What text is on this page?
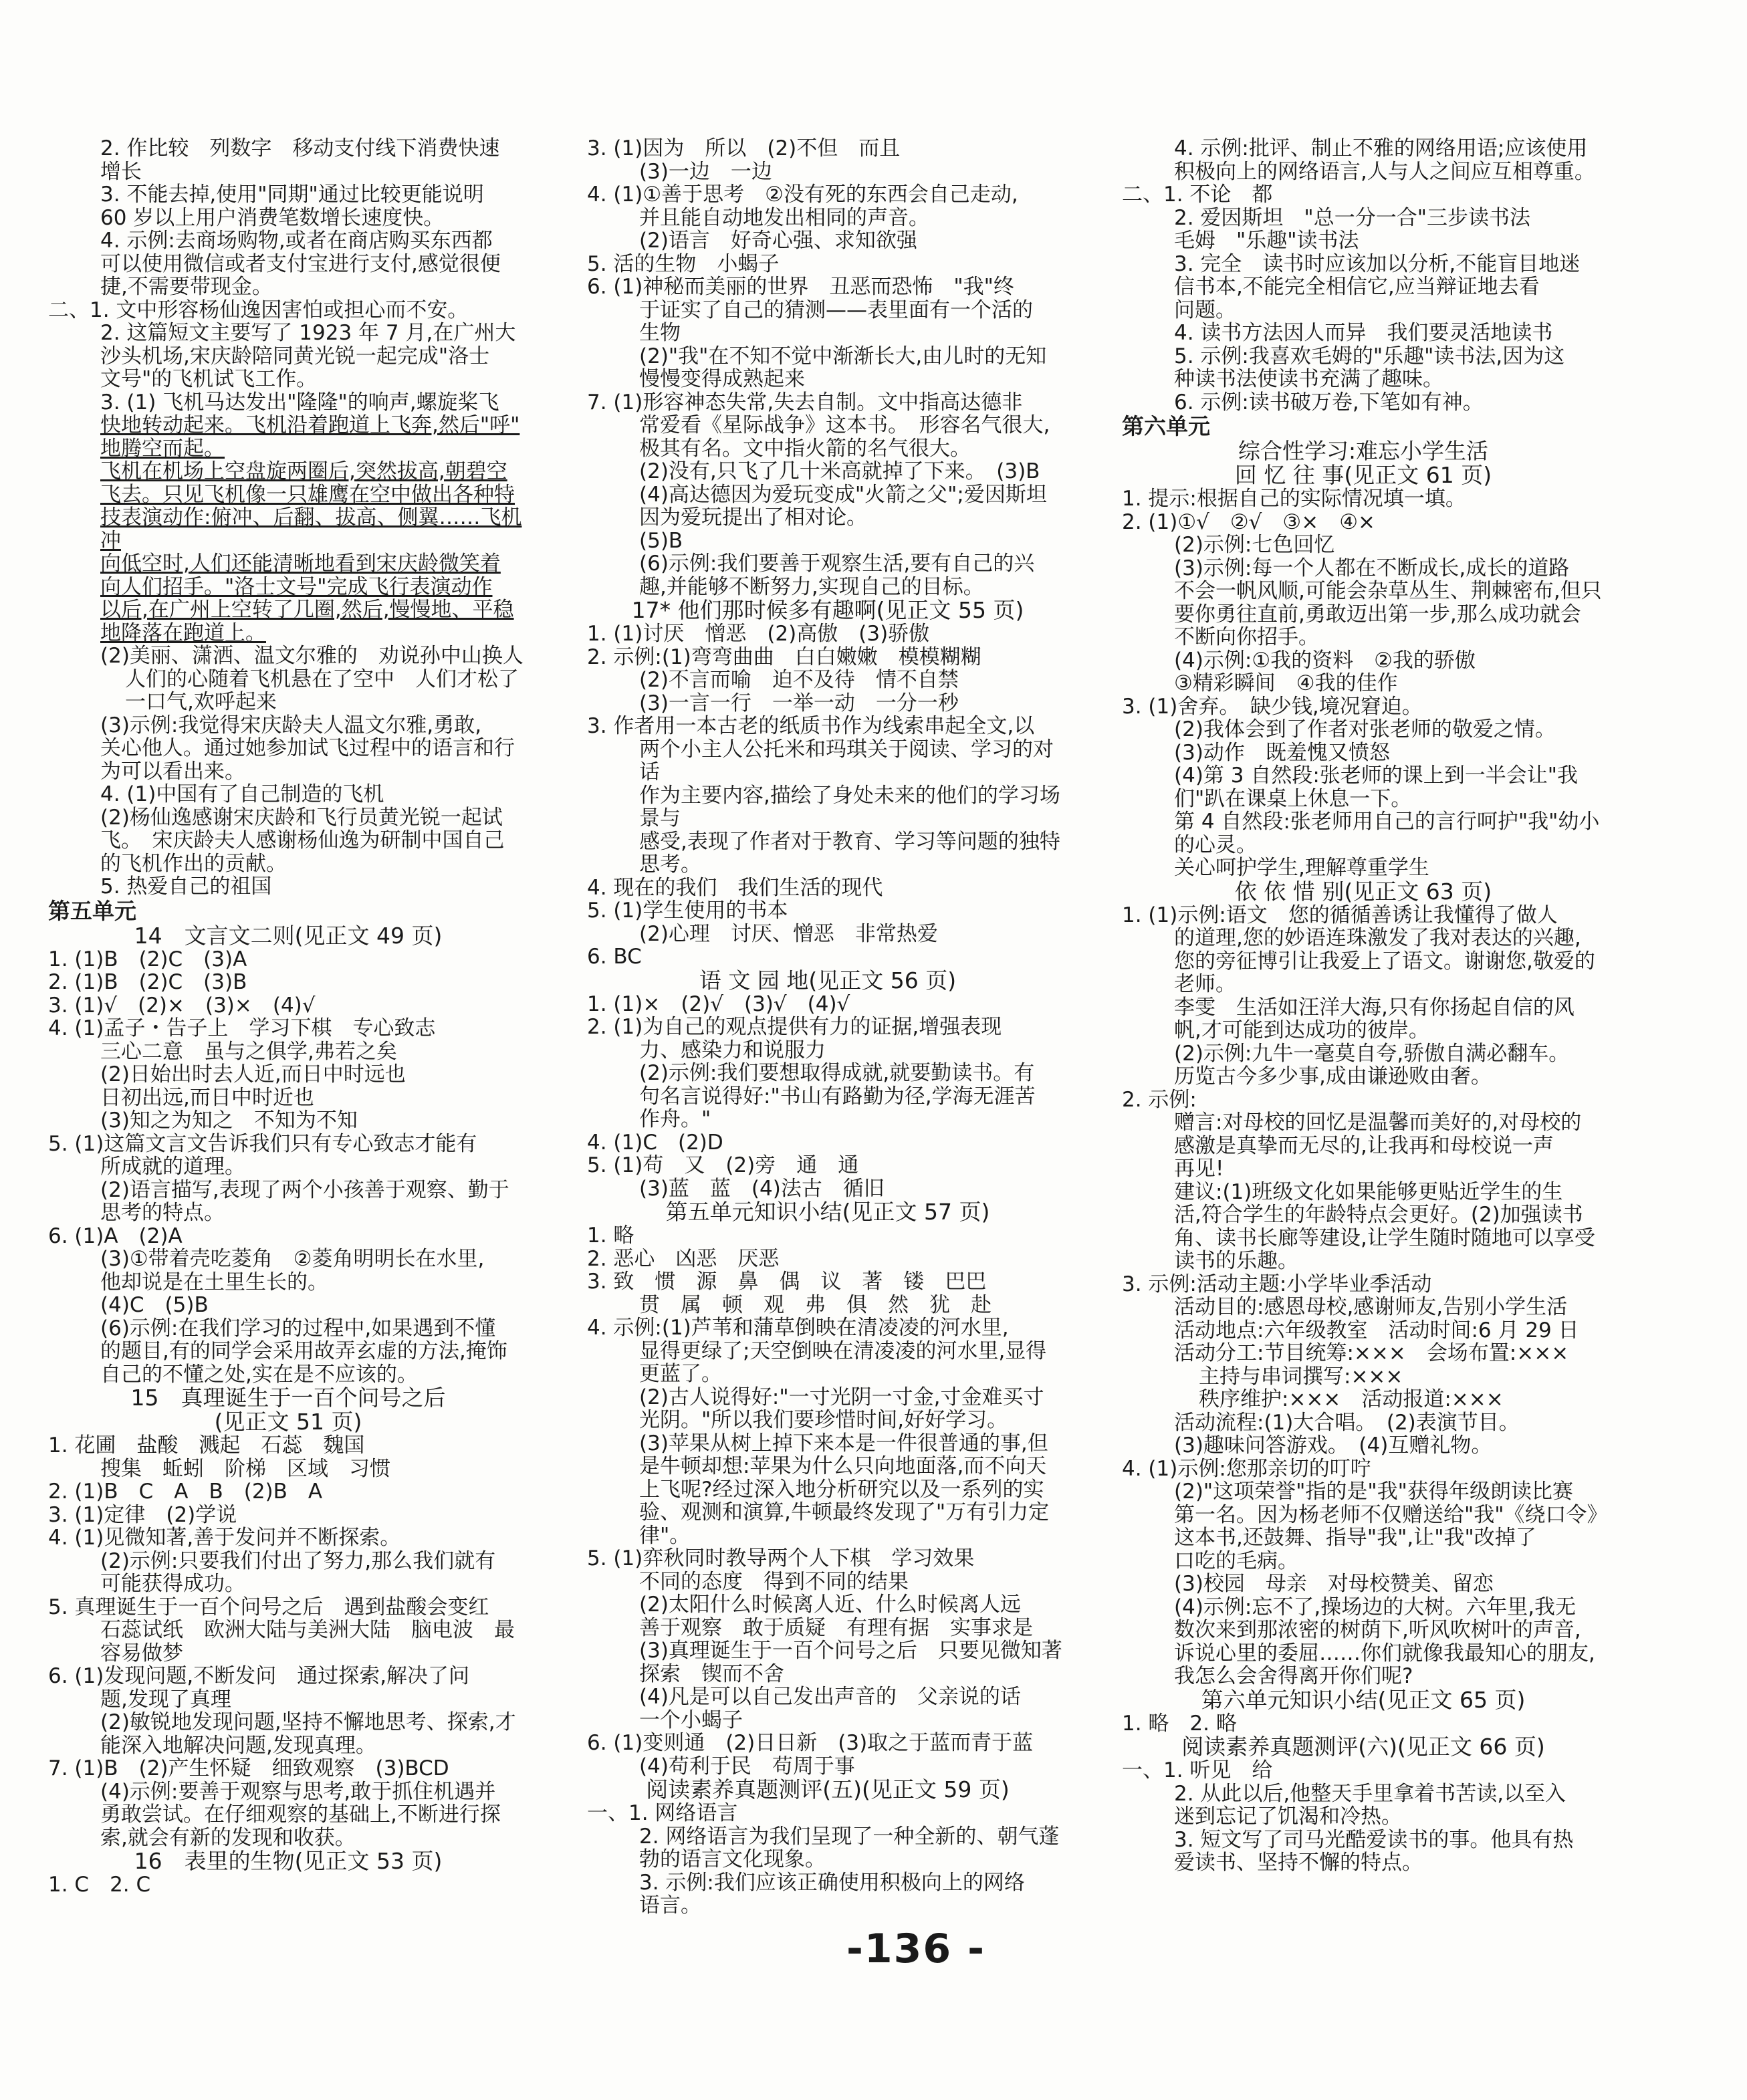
2. 作比较　列数字　移动支付线下消费快速
增长
3. 不能去掉,使用"同期"通过比较更能说明
60 岁以上用户消费笔数增长速度快。
4. 示例:去商场购物,或者在商店购买东西都
可以使用微信或者支付宝进行支付,感觉很便
捷,不需要带现金。
二、1. 文中形容杨仙逸因害怕或担心而不安。
2. 这篇短文主要写了 1923 年 7 月,在广州大
沙头机场,宋庆龄陪同黄光锐一起完成"洛士
文号"的飞机试飞工作。
3. (1) 飞机马达发出"隆隆"的响声,螺旋桨飞
快地转动起来。飞机沿着跑道上飞奔,然后"呼"
地腾空而起。
飞机在机场上空盘旋两圈后,突然拔高,朝碧空
飞去。只见飞机像一只雄鹰在空中做出各种特
技表演动作:俯冲、后翻、拔高、侧翼……飞机冲
向低空时,人们还能清晰地看到宋庆龄微笑着
向人们招手。"洛士文号"完成飞行表演动作
以后,在广州上空转了几圈,然后,慢慢地、平稳
地降落在跑道上。
(2)美丽、潇洒、温文尔雅的　劝说孙中山换人
人们的心随着飞机悬在了空中　人们才松了
一口气,欢呼起来
(3)示例:我觉得宋庆龄夫人温文尔雅,勇敢,
关心他人。通过她参加试飞过程中的语言和行
为可以看出来。
4. (1)中国有了自己制造的飞机
(2)杨仙逸感谢宋庆龄和飞行员黄光锐一起试
飞。　宋庆龄夫人感谢杨仙逸为研制中国自己
的飞机作出的贡献。
5. 热爱自己的祖国
第五单元
14　文言文二则(见正文 49 页)
1. (1)B　(2)C　(3)A
2. (1)B　(2)C　(3)B
3. (1)√　(2)×　(3)×　(4)√
4. (1)孟子・告子上　学习下棋　专心致志
三心二意　虽与之俱学,弗若之矣
(2)日始出时去人近,而日中时远也
日初出远,而日中时近也
(3)知之为知之　不知为不知
5. (1)这篇文言文告诉我们只有专心致志才能有
所成就的道理。
(2)语言描写,表现了两个小孩善于观察、勤于
思考的特点。
6. (1)A　(2)A
(3)①带着壳吃菱角　②菱角明明长在水里,
他却说是在土里生长的。
(4)C　(5)B
(6)示例:在我们学习的过程中,如果遇到不懂
的题目,有的同学会采用故弄玄虚的方法,掩饰
自己的不懂之处,实在是不应该的。
15　真理诞生于一百个问号之后
(见正文 51 页)
1. 花圃　盐酸　溅起　石蕊　魏国
搜集　蚯蚓　阶梯　区域　习惯
2. (1)B　C　A　B　(2)B　A
3. (1)定律　(2)学说
4. (1)见微知著,善于发问并不断探索。
(2)示例:只要我们付出了努力,那么我们就有
可能获得成功。
5. 真理诞生于一百个问号之后　遇到盐酸会变红
石蕊试纸　欧洲大陆与美洲大陆　脑电波　最
容易做梦
6. (1)发现问题,不断发问　通过探索,解决了问
题,发现了真理
(2)敏锐地发现问题,坚持不懈地思考、探索,才
能深入地解决问题,发现真理。
7. (1)B　(2)产生怀疑　细致观察　(3)BCD
(4)示例:要善于观察与思考,敢于抓住机遇并
勇敢尝试。在仔细观察的基础上,不断进行探
索,就会有新的发现和收获。
16　表里的生物(见正文 53 页)
1. C　2. C
3. (1)因为　所以　(2)不但　而且
(3)一边　一边
4. (1)①善于思考　②没有死的东西会自己走动,
并且能自动地发出相同的声音。
(2)语言　好奇心强、求知欲强
5. 活的生物　小蝎子
6. (1)神秘而美丽的世界　丑恶而恐怖　"我"终
于证实了自己的猜测——表里面有一个活的
生物
(2)"我"在不知不觉中渐渐长大,由儿时的无知
慢慢变得成熟起来
7. (1)形容神态失常,失去自制。文中指高达德非
常爱看《星际战争》这本书。　形容名气很大,
极其有名。文中指火箭的名气很大。
(2)没有,只飞了几十米高就掉了下来。　(3)B
(4)高达德因为爱玩变成"火箭之父";爱因斯坦
因为爱玩提出了相对论。
(5)B
(6)示例:我们要善于观察生活,要有自己的兴
趣,并能够不断努力,实现自己的目标。
17* 他们那时候多有趣啊(见正文 55 页)
1. (1)讨厌　憎恶　(2)高傲　(3)骄傲
2. 示例:(1)弯弯曲曲　白白嫩嫩　模模糊糊
(2)不言而喻　迫不及待　情不自禁
(3)一言一行　一举一动　一分一秒
3. 作者用一本古老的纸质书作为线索串起全文,以
两个小主人公托米和玛琪关于阅读、学习的对话
作为主要内容,描绘了身处未来的他们的学习场景与
感受,表现了作者对于教育、学习等问题的独特
思考。
4. 现在的我们　我们生活的现代
5. (1)学生使用的书本
(2)心理　讨厌、憎恶　非常热爱
6. BC
语 文 园 地(见正文 56 页)
1. (1)×　(2)√　(3)√　(4)√
2. (1)为自己的观点提供有力的证据,增强表现
力、感染力和说服力
(2)示例:我们要想取得成就,就要勤读书。有
句名言说得好:"书山有路勤为径,学海无涯苦
作舟。"
4. (1)C　(2)D
5. (1)苟　又　(2)旁　通　通
(3)蓝　蓝　(4)法古　循旧
第五单元知识小结(见正文 57 页)
1. 略
2. 恶心　凶恶　厌恶
3. 致　惯　源　鼻　偶　议　著　镂　巴巴
贯　属　顿　观　弗　俱　然　犹　赴
4. 示例:(1)芦苇和蒲草倒映在清凌凌的河水里,
显得更绿了;天空倒映在清凌凌的河水里,显得
更蓝了。
(2)古人说得好:"一寸光阴一寸金,寸金难买寸
光阴。"所以我们要珍惜时间,好好学习。
(3)苹果从树上掉下来本是一件很普通的事,但
是牛顿却想:苹果为什么只向地面落,而不向天
上飞呢?经过深入地分析研究以及一系列的实
验、观测和演算,牛顿最终发现了"万有引力定
律"。
5. (1)弈秋同时教导两个人下棋　学习效果
不同的态度　得到不同的结果
(2)太阳什么时候离人近、什么时候离人远
善于观察　敢于质疑　有理有据　实事求是
(3)真理诞生于一百个问号之后　只要见微知著
探索　锲而不舍
(4)凡是可以自己发出声音的　父亲说的话
一个小蝎子
6. (1)变则通　(2)日日新　(3)取之于蓝而青于蓝
(4)苟利于民　苟周于事
阅读素养真题测评(五)(见正文 59 页)
一、1. 网络语言
2. 网络语言为我们呈现了一种全新的、朝气蓬
勃的语言文化现象。
3. 示例:我们应该正确使用积极向上的网络
语言。
4. 示例:批评、制止不雅的网络用语;应该使用
积极向上的网络语言,人与人之间应互相尊重。
二、1. 不论　都
2. 爱因斯坦　"总一分一合"三步读书法
毛姆　"乐趣"读书法
3. 完全　读书时应该加以分析,不能盲目地迷
信书本,不能完全相信它,应当辩证地去看
问题。
4. 读书方法因人而异　我们要灵活地读书
5. 示例:我喜欢毛姆的"乐趣"读书法,因为这
种读书法使读书充满了趣味。
6. 示例:读书破万卷,下笔如有神。
第六单元
综合性学习:难忘小学生活
回 忆 往 事(见正文 61 页)
1. 提示:根据自己的实际情况填一填。
2. (1)①√　②√　③×　④×
(2)示例:七色回忆
(3)示例:每一个人都在不断成长,成长的道路
不会一帆风顺,可能会杂草丛生、荆棘密布,但只
要你勇往直前,勇敢迈出第一步,那么成功就会
不断向你招手。
(4)示例:①我的资料　②我的骄傲
③精彩瞬间　④我的佳作
3. (1)舍弃。　缺少钱,境况窘迫。
(2)我体会到了作者对张老师的敬爱之情。
(3)动作　既羞愧又愤怒
(4)第 3 自然段:张老师的课上到一半会让"我
们"趴在课桌上休息一下。
第 4 自然段:张老师用自己的言行呵护"我"幼小
的心灵。
关心呵护学生,理解尊重学生
依 依 惜 别(见正文 63 页)
1. (1)示例:语文　您的循循善诱让我懂得了做人
的道理,您的妙语连珠激发了我对表达的兴趣,
您的旁征博引让我爱上了语文。谢谢您,敬爱的
老师。
李雯　生活如汪洋大海,只有你扬起自信的风
帆,才可能到达成功的彼岸。
(2)示例:九牛一毫莫自夸,骄傲自满必翻车。
历览古今多少事,成由谦逊败由奢。
2. 示例:
赠言:对母校的回忆是温馨而美好的,对母校的
感激是真挚而无尽的,让我再和母校说一声
再见!
建议:(1)班级文化如果能够更贴近学生的生
活,符合学生的年龄特点会更好。(2)加强读书
角、读书长廊等建设,让学生随时随地可以享受
读书的乐趣。
3. 示例:活动主题:小学毕业季活动
活动目的:感恩母校,感谢师友,告别小学生活
活动地点:六年级教室　活动时间:6 月 29 日
活动分工:节目统筹:×××　会场布置:×××
主持与串词撰写:×××
秩序维护:×××　活动报道:×××
活动流程:(1)大合唱。　(2)表演节目。
(3)趣味问答游戏。　(4)互赠礼物。
4. (1)示例:您那亲切的叮咛
(2)"这项荣誉"指的是"我"获得年级朗读比赛
第一名。因为杨老师不仅赠送给"我"《绕口令》
这本书,还鼓舞、指导"我",让"我"改掉了
口吃的毛病。
(3)校园　母亲　对母校赞美、留恋
(4)示例:忘不了,操场边的大树。六年里,我无
数次来到那浓密的树荫下,听风吹树叶的声音,
诉说心里的委屈……你们就像我最知心的朋友,
我怎么会舍得离开你们呢?
第六单元知识小结(见正文 65 页)
1. 略　2. 略
阅读素养真题测评(六)(见正文 66 页)
一、1. 听见　给
2. 从此以后,他整天手里拿着书苦读,以至入
迷到忘记了饥渴和冷热。
3. 短文写了司马光酷爱读书的事。他具有热
爱读书、坚持不懈的特点。
-136 -
